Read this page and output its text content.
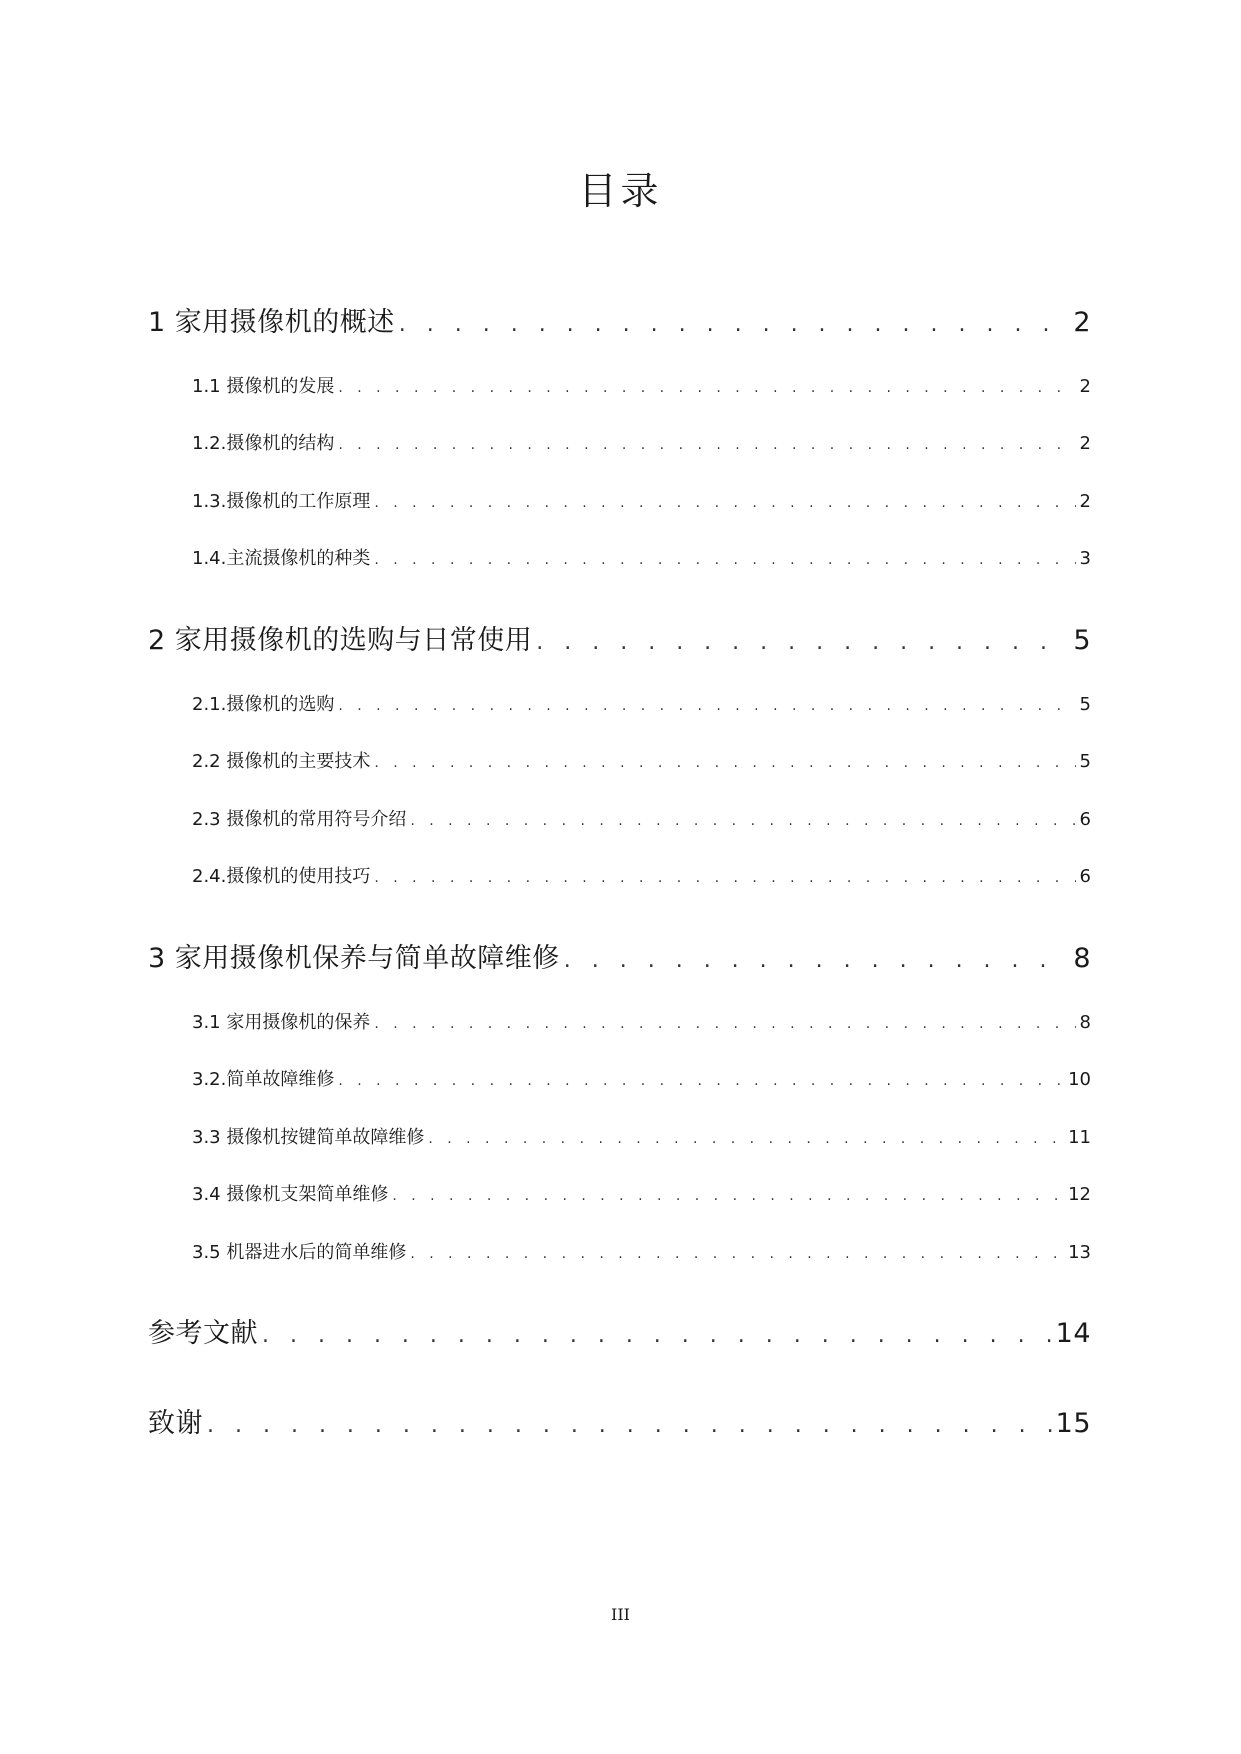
目录
1 家用摄像机的概述 . . .	2
1.1 摄像机的发展 . . .	2
1.2.摄像机的结构 . . .	2
1.3.摄像机的工作原理 . . .	2
1.4.主流摄像机的种类 . . .	3
2 家用摄像机的选购与日常使用 . . .	5
2.1.摄像机的选购 . . .	5
2.2 摄像机的主要技术 . . .	5
2.3 摄像机的常用符号介绍 . . .	6
2.4.摄像机的使用技巧 . . .	6
3 家用摄像机保养与简单故障维修 . . .	8
3.1 家用摄像机的保养 . . .	8
3.2.简单故障维修 . . .	10
3.3 摄像机按键简单故障维修 . . .	11
3.4 摄像机支架简单维修 . . .	12
3.5 机器进水后的简单维修 . . .	13
参考文献 . . .	14
致谢 . . .	15
III
